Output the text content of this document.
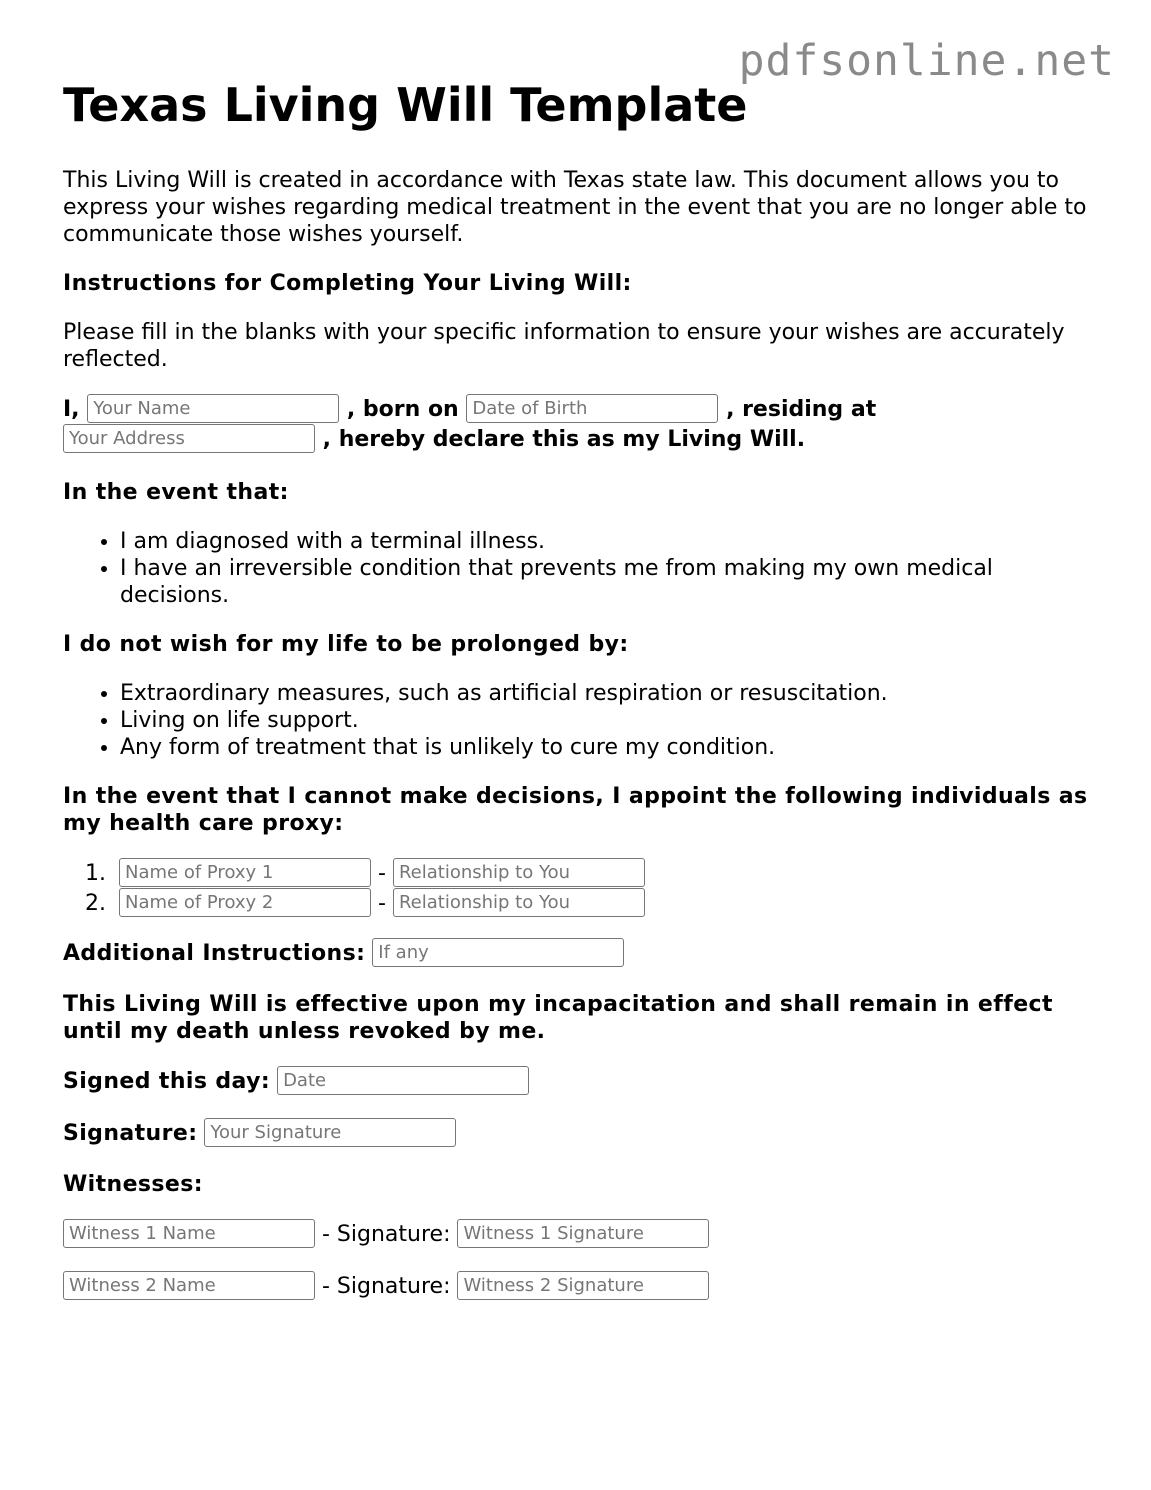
pdfsonline.net
Texas Living Will Template

This Living Will is created in accordance with Texas state law. This document allows you to express your wishes regarding medical treatment in the event that you are no longer able to communicate those wishes yourself.

Instructions for Completing Your Living Will:

Please fill in the blanks with your specific information to ensure your wishes are accurately reflected.

I, Your Name	, born on Date of Birth	, residing at
Your Address	, hereby declare this as my Living Will.

In the event that:

• I am diagnosed with a terminal illness.
• I have an irreversible condition that prevents me from making my own medical decisions.

I do not wish for my life to be prolonged by:

• Extraordinary measures, such as artificial respiration or resuscitation.
• Living on life support.
• Any form of treatment that is unlikely to cure my condition.

In the event that I cannot make decisions, I appoint the following individuals as my health care proxy:

1. Name of Proxy 1	- Relationship to You
2. Name of Proxy 2	- Relationship to You
Additional Instructions: If any

This Living Will is effective upon my incapacitation and shall remain in effect until my death unless revoked by me.

Signed this day: Date
Signature: Your Signature

Witnesses:

Witness 1 Name	- Signature: Witness 1 Signature
Witness 2 Name	- Signature: Witness 2 Signature
